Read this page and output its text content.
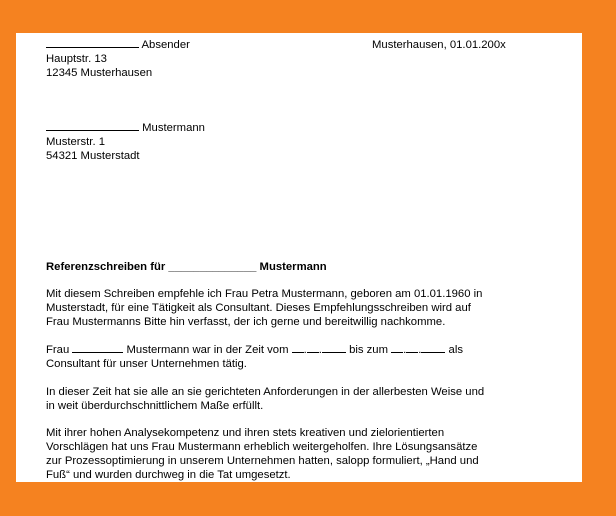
Absender
Hauptstr. 13
12345 Musterhausen
Musterhausen, 01.01.200x
Mustermann
Musterstr. 1
54321 Musterstadt
Referenzschreiben für ______________ Mustermann
Mit diesem Schreiben empfehle ich Frau Petra Mustermann, geboren am 01.01.1960 in
Musterstadt, für eine Tätigkeit als Consultant. Dieses Empfehlungsschreiben wird auf
Frau Mustermanns Bitte hin verfasst, der ich gerne und bereitwillig nachkomme.
Frau	Mustermann war in der Zeit vom . . bis zum . . als
Consultant für unser Unternehmen tätig.
In dieser Zeit hat sie alle an sie gerichteten Anforderungen in der allerbesten Weise und
in weit überdurchschnittlichem Maße erfüllt.
Mit ihrer hohen Analysekompetenz und ihren stets kreativen und zielorientierten
Vorschlägen hat uns Frau Mustermann erheblich weitergeholfen. Ihre Lösungsansätze
zur Prozessoptimierung in unserem Unternehmen hatten, salopp formuliert, „Hand und
Fuß“ und wurden durchweg in die Tat umgesetzt.
